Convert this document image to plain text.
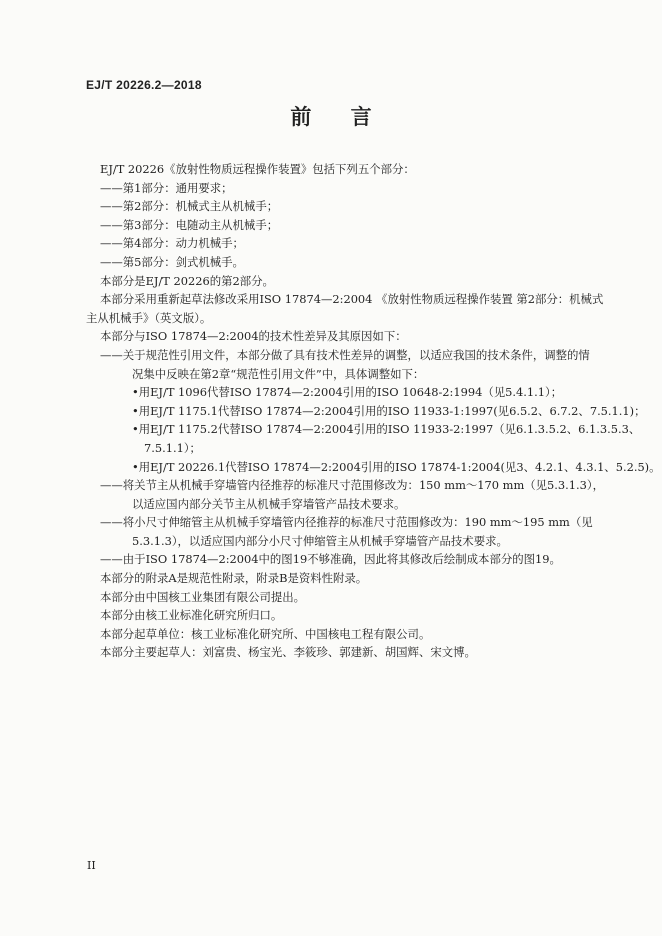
EJ/T 20226.2—2018
前 言

EJ/T 20226《放射性物质远程操作装置》包括下列五个部分：

——第1部分：通用要求；

——第2部分：机械式主从机械手；

——第3部分：电随动主从机械手；

——第4部分：动力机械手；

——第5部分：剑式机械手。

本部分是EJ/T 20226的第2部分。

本部分采用重新起草法修改采用ISO 17874—2:2004 《放射性物质远程操作装置 第2部分：机械式

主从机械手》（英文版）。

本部分与ISO 17874—2:2004的技术性差异及其原因如下：

——关于规范性引用文件，本部分做了具有技术性差异的调整，以适应我国的技术条件，调整的情

况集中反映在第2章“规范性引用文件”中，具体调整如下：

•用EJ/T 1096代替ISO 17874—2:2004引用的ISO 10648-2:1994（见5.4.1.1）；

•用EJ/T 1175.1代替ISO 17874—2:2004引用的ISO 11933-1:1997(见6.5.2、6.7.2、7.5.1.1)；

•用EJ/T 1175.2代替ISO 17874—2:2004引用的ISO 11933-2:1997（见6.1.3.5.2、6.1.3.5.3、

7.5.1.1）；

•用EJ/T 20226.1代替ISO 17874—2:2004引用的ISO 17874-1:2004(见3、4.2.1、4.3.1、5.2.5)。

——将关节主从机械手穿墙管内径推荐的标准尺寸范围修改为：150 mm～170 mm（见5.3.1.3），

以适应国内部分关节主从机械手穿墙管产品技术要求。

——将小尺寸伸缩管主从机械手穿墙管内径推荐的标准尺寸范围修改为：190 mm～195 mm（见

5.3.1.3），以适应国内部分小尺寸伸缩管主从机械手穿墙管产品技术要求。

——由于ISO 17874—2:2004中的图19不够准确，因此将其修改后绘制成本部分的图19。

本部分的附录A是规范性附录，附录B是资料性附录。

本部分由中国核工业集团有限公司提出。

本部分由核工业标准化研究所归口。

本部分起草单位：核工业标准化研究所、中国核电工程有限公司。

本部分主要起草人：刘富贵、杨宝光、李筱珍、郭建新、胡国辉、宋文博。

II
